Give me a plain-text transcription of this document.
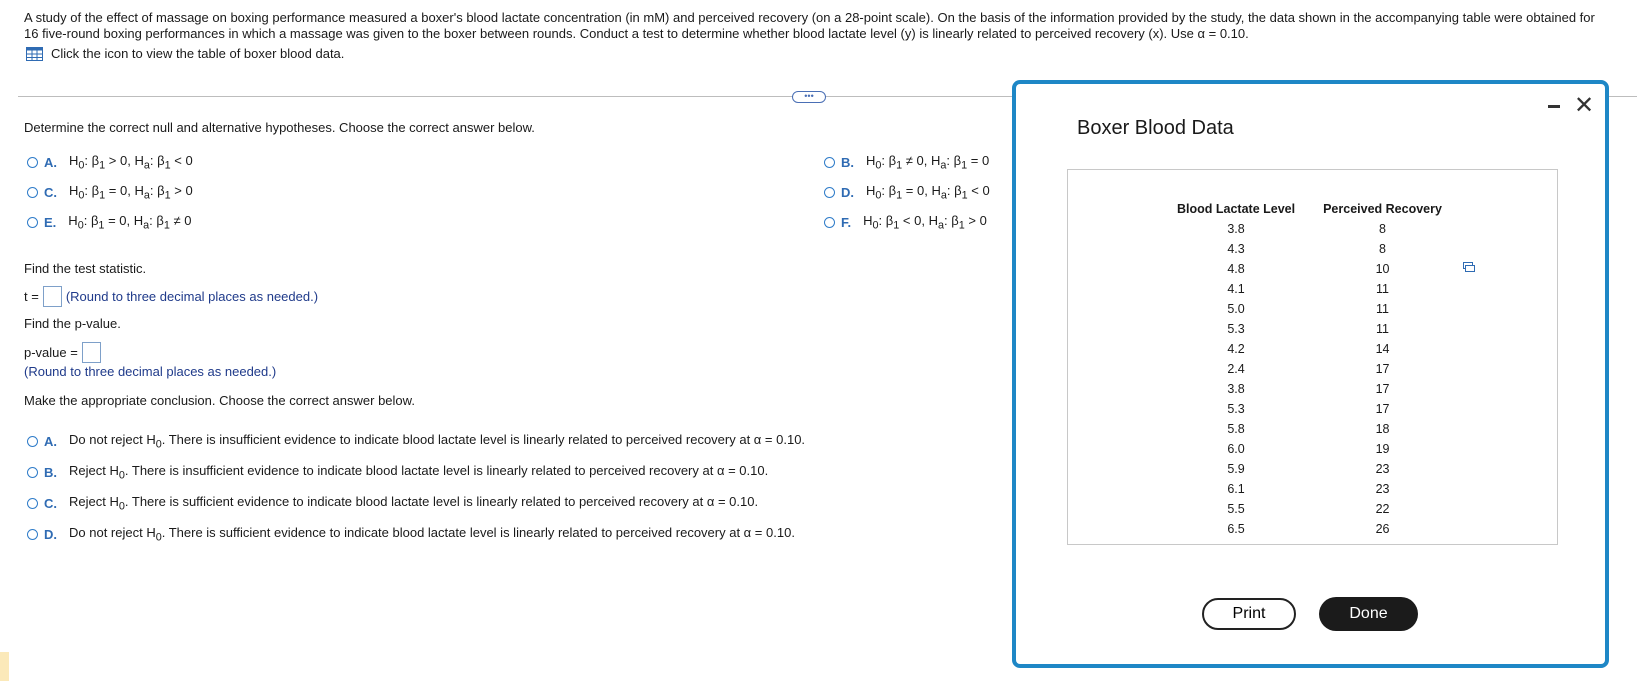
A study of the effect of massage on boxing performance measured a boxer's blood lactate concentration (in mM) and perceived recovery (on a 28-point scale). On the basis of the information provided by the study, the data shown in the accompanying table were obtained for
16 five-round boxing performances in which a massage was given to the boxer between rounds. Conduct a test to determine whether blood lactate level (y) is linearly related to perceived recovery (x). Use α = 0.10.
Click the icon to view the table of boxer blood data.
•••
Determine the correct null and alternative hypotheses. Choose the correct answer below.
A. $H_0$: $\beta_1 > 0$, $H_a$: $\beta_1 < 0$	B. $H_0$: $\beta_1 \ne 0$, $H_a$: $\beta_1 = 0$
C. $H_0$: $\beta_1 = 0$, $H_a$: $\beta_1 > 0$	D. $H_0$: $\beta_1 = 0$, $H_a$: $\beta_1 < 0$
E. $H_0$: $\beta_1 = 0$, $H_a$: $\beta_1 \ne 0$	F. $H_0$: $\beta_1 < 0$, $H_a$: $\beta_1 > 0$
Find the test statistic.
t = (Round to three decimal places as needed.)
Find the p-value.
p-value =
(Round to three decimal places as needed.)
Make the appropriate conclusion. Choose the correct answer below.
A. Do not reject $H_0$. There is insufficient evidence to indicate blood lactate level is linearly related to perceived recovery at α = 0.10.
B. Reject $H_0$. There is insufficient evidence to indicate blood lactate level is linearly related to perceived recovery at α = 0.10.
C. Reject $H_0$. There is sufficient evidence to indicate blood lactate level is linearly related to perceived recovery at α = 0.10.
D. Do not reject $H_0$. There is sufficient evidence to indicate blood lactate level is linearly related to perceived recovery at α = 0.10.
Boxer Blood Data
✕
Blood Lactate Level	Perceived Recovery
3.8	8
4.3	8
4.8	10
4.1	11
5.0	11
5.3	11
4.2	14
2.4	17
3.8	17
5.3	17
5.8	18
6.0	19
5.9	23
6.1	23
5.5	22
6.5	26
Print	Done
